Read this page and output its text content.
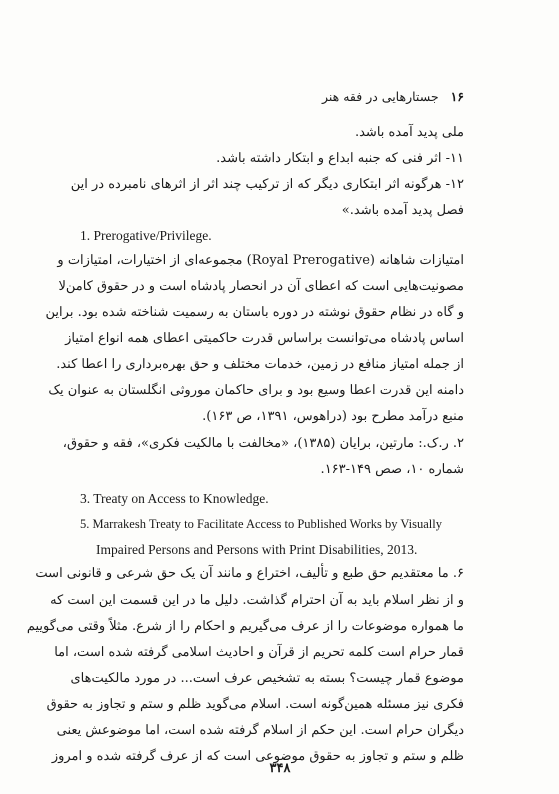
۱۶ جستارهایی در فقه هنر
ملی پدید آمده باشد.
۱۱- اثر فنی که جنبه ابداع و ابتکار داشته باشد.
۱۲- هرگونه اثر ابتکاری دیگر که از ترکیب چند اثر از اثرهای نامبرده در این
فصل پدید آمده باشد.»
1. Prerogative/Privilege.
امتیازات شاهانه (Royal Prerogative) مجموعه‌ای از اختیارات، امتیازات و
مصونیت‌هایی است که اعطای آن در انحصار پادشاه است و در حقوق کامن‌لا
و گاه در نظام حقوق نوشته در دوره باستان به رسمیت شناخته شده بود. براین
اساس پادشاه می‌توانست براساس قدرت حاکمیتی اعطای همه انواع امتیاز
از جمله امتیاز منافع در زمین، خدمات مختلف و حق بهره‌برداری را اعطا کند.
دامنه این قدرت اعطا وسیع بود و برای حاکمان موروثی انگلستان به عنوان یک
منبع درآمد مطرح بود (دراهوس، ۱۳۹۱، ص ۱۶۳).
۲. ر.ک.: مارتین، برایان (۱۳۸۵)، «مخالفت با مالکیت فکری»، فقه و حقوق،
شماره ۱۰، صص ۱۴۹-۱۶۳.
3. Treaty on Access to Knowledge.
5. Marrakesh Treaty to Facilitate Access to Published Works by Visually
Impaired Persons and Persons with Print Disabilities, 2013.
۶. ما معتقدیم حق طبع و تألیف، اختراع و مانند آن یک حق شرعی و قانونی است
و از نظر اسلام باید به آن احترام گذاشت. دلیل ما در این قسمت این است که
ما همواره موضوعات را از عرف می‌گیریم و احکام را از شرع. مثلاً وقتی می‌گوییم
قمار حرام است کلمه تحریم از قرآن و احادیث اسلامی گرفته شده است، اما
موضوع قمار چیست؟ بسته به تشخیص عرف است... در مورد مالکیت‌های
فکری نیز مسئله همین‌گونه است. اسلام می‌گوید ظلم و ستم و تجاوز به حقوق
دیگران حرام است. این حکم از اسلام گرفته شده است، اما موضوعش یعنی
ظلم و ستم و تجاوز به حقوق موضوعی است که از عرف گرفته شده و امروز
۳۴۸
